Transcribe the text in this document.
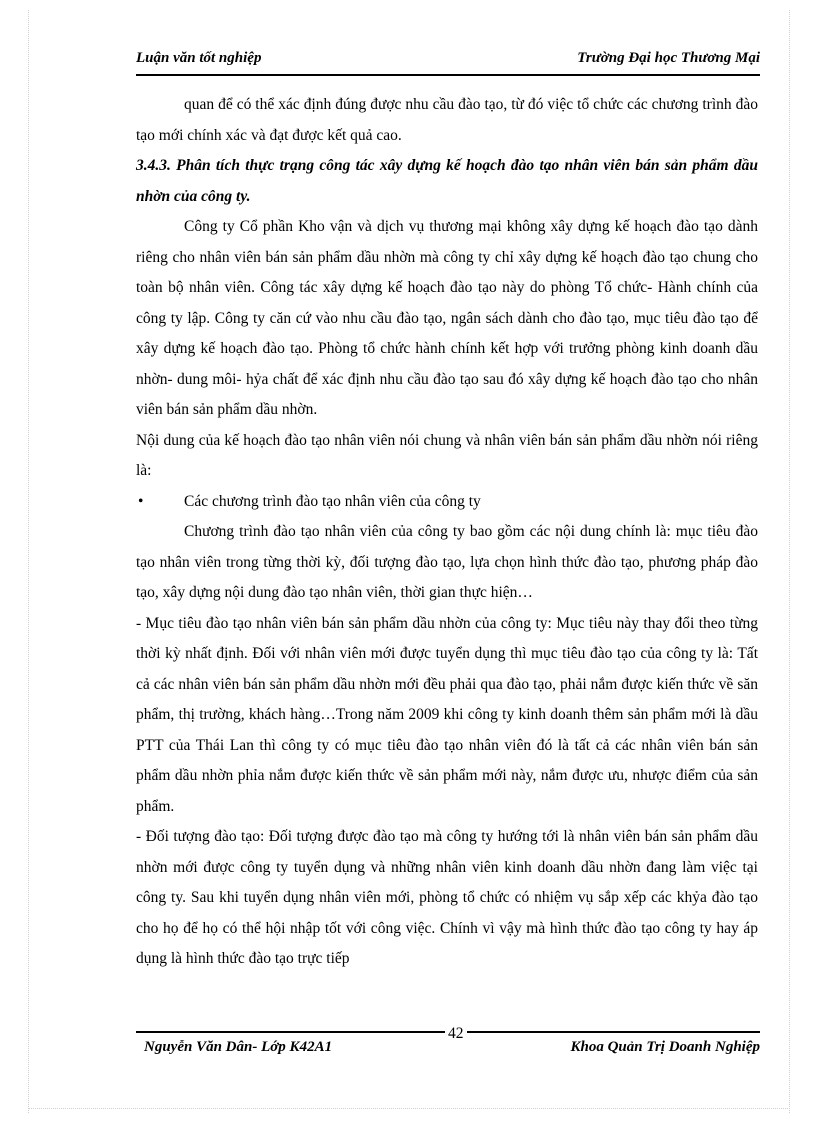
Luận văn tốt nghiệp	Trường Đại học Thương Mại

quan để có thể xác định đúng được nhu cầu đào tạo, từ đó việc tổ chức các chương trình đào tạo mới chính xác và đạt được kết quả cao.

3.4.3. Phân tích thực trạng công tác xây dựng kế hoạch đào tạo nhân viên bán sản phẩm dầu nhờn của công ty.

Công ty Cổ phần Kho vận và dịch vụ thương mại không xây dựng kế hoạch đào tạo dành riêng cho nhân viên bán sản phẩm dầu nhờn mà công ty chỉ xây dựng kế hoạch đào tạo chung cho toàn bộ nhân viên. Công tác xây dựng kế hoạch đào tạo này do phòng Tổ chức- Hành chính của công ty lập. Công ty căn cứ vào nhu cầu đào tạo, ngân sách dành cho đào tạo, mục tiêu đào tạo để xây dựng kế hoạch đào tạo. Phòng tổ chức hành chính kết hợp với trưởng phòng kinh doanh dầu nhờn- dung môi- hỷa chất để xác định nhu cầu đào tạo sau đó xây dựng kế hoạch đào tạo cho nhân viên bán sản phẩm dầu nhờn.

Nội dung của kế hoạch đào tạo nhân viên nói chung và nhân viên bán sản phẩm dầu nhờn nói riêng là:

•	Các chương trình đào tạo nhân viên của công ty

Chương trình đào tạo nhân viên của công ty bao gồm các nội dung chính là: mục tiêu đào tạo nhân viên trong từng thời kỳ, đối tượng đào tạo, lựa chọn hình thức đào tạo, phương pháp đào tạo, xây dựng nội dung đào tạo nhân viên, thời gian thực hiện…

- Mục tiêu đào tạo nhân viên bán sản phẩm dầu nhờn của công ty: Mục tiêu này thay đổi theo từng thời kỳ nhất định. Đối với nhân viên mới được tuyển dụng thì mục tiêu đào tạo của công ty là: Tất cả các nhân viên bán sản phẩm dầu nhờn mới đều phải qua đào tạo, phải nắm được kiến thức về săn phẩm, thị trường, khách hàng…Trong năm 2009 khi công ty kinh doanh thêm sản phẩm mới là dầu PTT của Thái Lan thì công ty có mục tiêu đào tạo nhân viên đó là tất cả các nhân viên bán sản phẩm dầu nhờn phỉa nắm được kiến thức về sản phẩm mới này, nắm được ưu, nhược điểm của sản phẩm.

- Đối tượng đào tạo: Đối tượng được đào tạo mà công ty hướng tới là nhân viên bán sản phẩm dầu nhờn mới được công ty tuyển dụng và những nhân viên kinh doanh dầu nhờn đang làm việc tại công ty. Sau khi tuyển dụng nhân viên mới, phòng tổ chức có nhiệm vụ sắp xếp các khỷa đào tạo cho họ để họ có thể hội nhập tốt với công việc. Chính vì vậy mà hình thức đào tạo công ty hay áp dụng là hình thức đào tạo trực tiếp

Nguyễn Văn Dân- Lớp K42A1
42
Khoa Quản Trị Doanh Nghiệp
